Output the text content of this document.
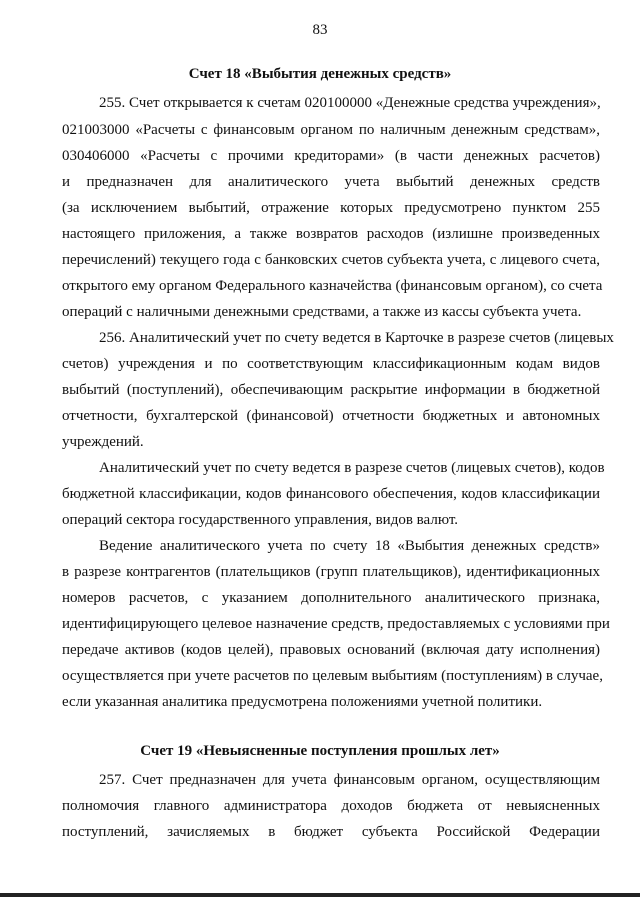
83
Счет 18 «Выбытия денежных средств»
255. Счет открывается к счетам 020100000 «Денежные средства учреждения»,
021003000 «Расчеты с финансовым органом по наличным денежным средствам»,
030406000 «Расчеты с прочими кредиторами» (в части денежных расчетов)
и предназначен для аналитического учета выбытий денежных средств
(за исключением выбытий, отражение которых предусмотрено пунктом 255
настоящего приложения, а также возвратов расходов (излишне произведенных
перечислений) текущего года с банковских счетов субъекта учета, с лицевого счета,
открытого ему органом Федерального казначейства (финансовым органом), со счета
операций с наличными денежными средствами, а также из кассы субъекта учета.
256. Аналитический учет по счету ведется в Карточке в разрезе счетов (лицевых
счетов) учреждения и по соответствующим классификационным кодам видов
выбытий (поступлений), обеспечивающим раскрытие информации в бюджетной
отчетности, бухгалтерской (финансовой) отчетности бюджетных и автономных
учреждений.
Аналитический учет по счету ведется в разрезе счетов (лицевых счетов), кодов
бюджетной классификации, кодов финансового обеспечения, кодов классификации
операций сектора государственного управления, видов валют.
Ведение аналитического учета по счету 18 «Выбытия денежных средств»
в разрезе контрагентов (плательщиков (групп плательщиков), идентификационных
номеров расчетов, с указанием дополнительного аналитического признака,
идентифицирующего целевое назначение средств, предоставляемых с условиями при
передаче активов (кодов целей), правовых оснований (включая дату исполнения)
осуществляется при учете расчетов по целевым выбытиям (поступлениям) в случае,
если указанная аналитика предусмотрена положениями учетной политики.
Счет 19 «Невыясненные поступления прошлых лет»
257. Счет предназначен для учета финансовым органом, осуществляющим
полномочия главного администратора доходов бюджета от невыясненных
поступлений, зачисляемых в бюджет субъекта Российской Федерации
